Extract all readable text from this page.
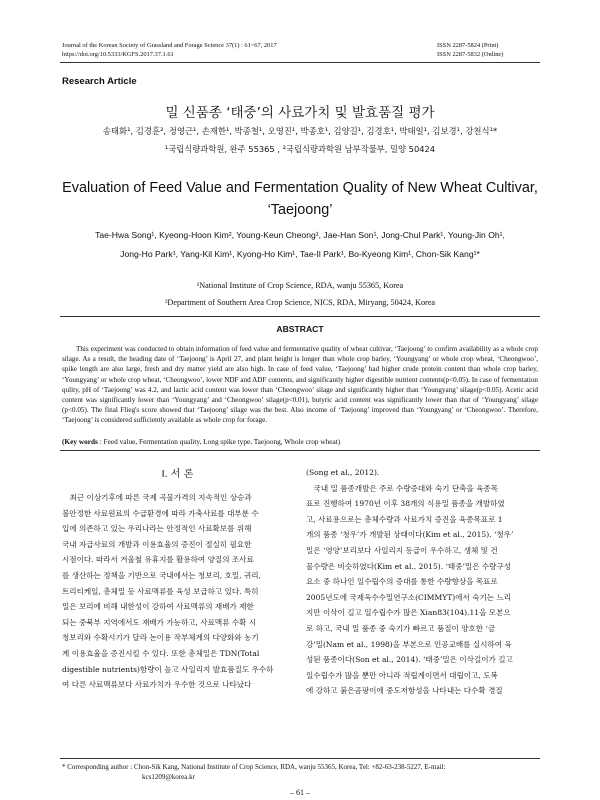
Journal of the Korean Society of Grassland and Forage Science 37(1) : 61~67, 2017
https://doi.org/10.5333/KGFS.2017.37.1.61
ISSN 2287-5824 (Print)
ISSN 2287-5832 (Online)
Research Article
밀 신품종 ‘태중’의 사료가치 및 발효품질 평가
송태화¹, 김경훈², 정영근¹, 손재한¹, 박종철¹, 오영진¹, 박종호¹, 김양길¹, 김경호¹, 박태일¹, 김보경¹, 강천식¹*
¹국립식량과학원, 완주 55365 , ²국립식량과학원 남부작물부, 밀양 50424
Evaluation of Feed Value and Fermentation Quality of New Wheat Cultivar,
‘Taejoong’
Tae-Hwa Song¹, Kyeong-Hoon Kim², Young-Keun Cheong¹, Jae-Han Son¹, Jong-Chul Park¹, Young-Jin Oh¹,
Jong-Ho Park¹, Yang-Kil Kim¹, Kyong-Ho Kim¹, Tae-Il Park¹, Bo-Kyeong Kim¹, Chon-Sik Kang¹*
¹National Institute of Crop Science, RDA, wanju 55365, Korea
²Department of Southern Area Crop Science, NICS, RDA, Miryang, 50424, Korea
ABSTRACT

This experiment was conducted to obtain information of feed value and fermentative quality of wheat cultivar, ‘Taejoong’ to confirm availability as a whole crop silage. As a result, the heading date of ‘Taejoong’ is April 27, and plant height is longer than whole crop barley, ‘Youngyang’ or whole crop wheat, ‘Cheongwoo’, spike length are also large, fresh and dry matter yield are also high. In case of feed value, ‘Taejoong’ had higher crude protein content than whole crop barley, ‘Youngyang’ or whole crop wheat, ‘Cheongwoo’, lower NDF and ADF contents, and significantly higher digestible nutrient contents(p<0.05). In case of fermentation qulity, pH of ‘Taejoong’ was 4.2, and lactic acid content was lower than ‘Cheongwoo’ silage and significantly higher than ‘Youngyang’ silage(p<0.05). Acetic acid content was significantly lower than ‘Youngyang’ and ‘Cheongwoo’ silage(p<0.01), butyric acid content was significantly lower than that of ‘Youngyang’ silage (p<0.05). The final Flieg's score showed that ‘Taejoong’ silage was the best. Also income of ‘Taejoong’ improved than ‘Youngyang’ or ‘Cheongwoo’. Therefore, ‘Taejoong’ is considered sufficiently available as whole crop for forage.

(Key words : Feed value, Fermentation quality, Long spike type, Taejoong, Whole crop wheat)
Ⅰ. 서 론
　최근 이상기후에 따른 국제 곡물가격의 지속적인 상승과
불안정한 사료원료의 수급환경에 따라 가축사료를 대부분 수
입에 의존하고 있는 우리나라는 안정적인 사료확보를 위해
국내 자급사료의 개발과 이용효율의 증진이 절실히 필요한
시점이다. 따라서 겨울철 유휴지를 활용하여 양질의 조사료
를 생산하는 정책을 기반으로 국내에서는 청보리, 호밀, 귀리,
트리티케일, 총체밀 등 사료맥류를 육성 보급하고 있다. 특히
밀은 보리에 비해 내한성이 강하여 사료맥류의 재배가 제한
되는 중북부 지역에서도 재배가 가능하고, 사료맥류 수확 시
청보리와 수확시기가 달라 논이용 작부체계의 다양화와 농기
계 이용효율을 증진시킬 수 있다. 또한 총체밀은 TDN(Total
digestible nutrients)함량이 높고 사일리지 발효품질도 우수하
여 다른 사료맥류보다 사료가치가 우수한 것으로 나타났다
(Song et al., 2012).
　국내 밀 품종개발은 주로 수량증대와 숙기 단축을 육종목
표로 진행하여 1970년 이후 38개의 식용밀 품종을 개발하였
고, 사료용으로는 총체수량과 사료가치 증진을 육종목표로 1
개의 품종 ‘청우’가 개발된 상태이다(Kim et al., 2015). ‘청우’
밀은 ‘영양’보리보다 사일리지 등급이 우수하고, 생체 및 건
물수량은 비슷하였다(Kim et al., 2015). ‘태중’밀은 수량구성
요소 중 하나인 일수립수의 증대를 통한 수량향상을 목표로
2005년도에 국제옥수수밀연구소(CIMMYT)에서 숙기는 느리
지만 이삭이 길고 일수립수가 많은 Xian83(104).11을 모본으
로 하고, 국내 밀 품종 중 숙기가 빠르고 품질이 양호한 ‘금
강’밀(Nam et al., 1998)을 부본으로 인공교배를 실시하여 육
성된 품종이다(Son et al., 2014). ‘태중’밀은 이삭길이가 길고
일수립수가 많을 뿐만 아니라 적립계이면서 대립이고, 도복
에 강하고 붉은곰팡이에 중도저항성을 나타내는 다수확 경질
* Corresponding author : Chon-Sik Kang, National Institute of Crop Science, RDA, wanju 55365, Korea, Tel: +82-63-238-5227, E-mail:
kcs1209@korea.kr
– 61 –
